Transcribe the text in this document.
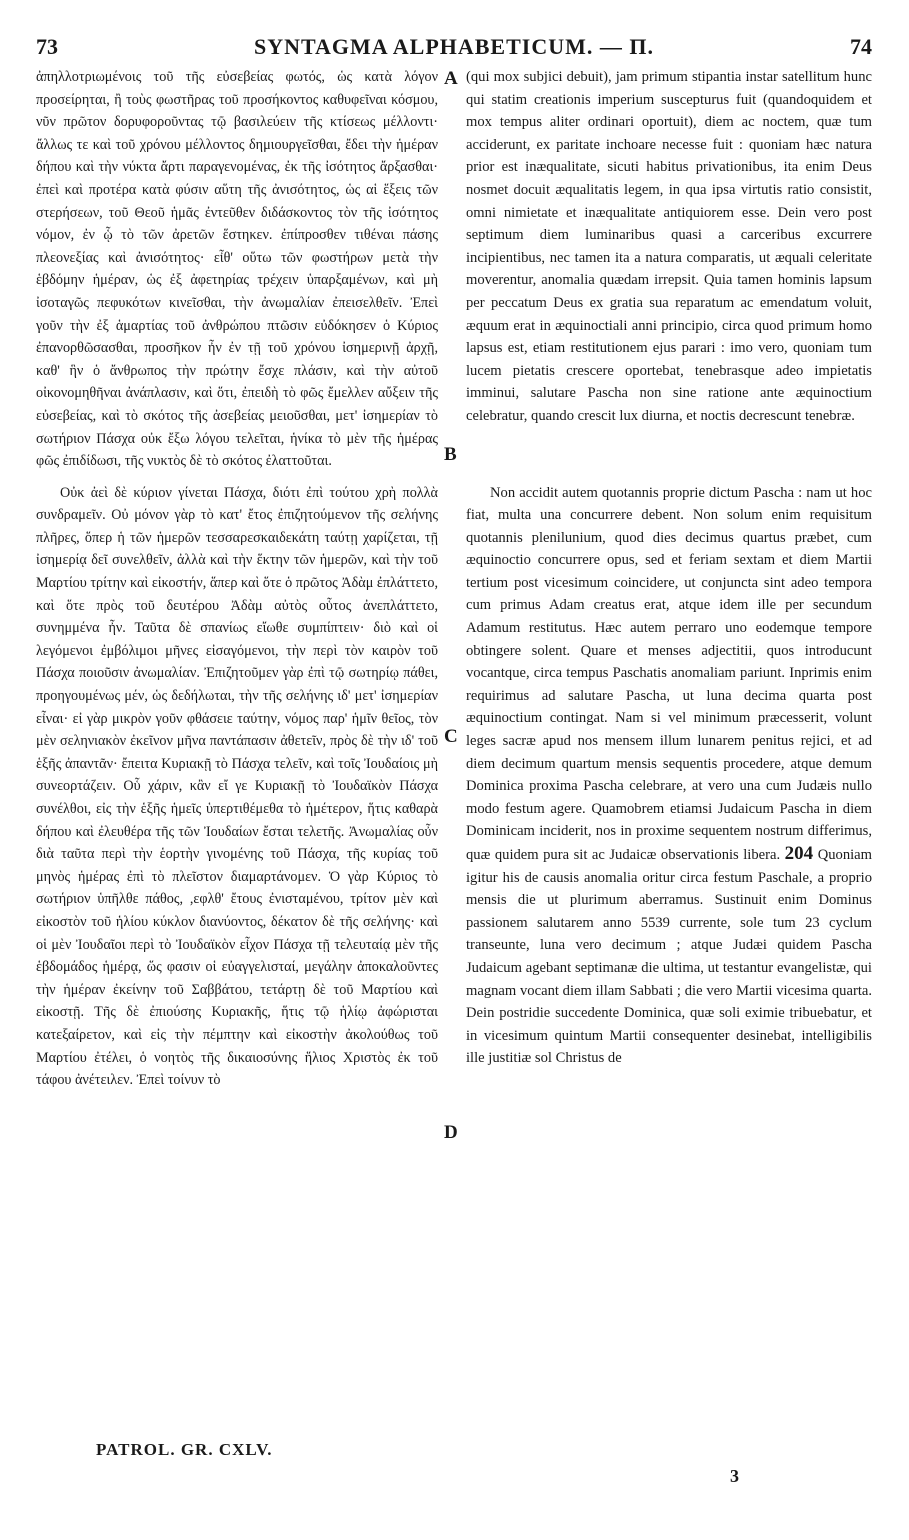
SYNTAGMA ALPHABETICUM. — Π.
73	74

ἀπηλλοτριωμένοις τοῦ τῆς εὐσεβείας φωτός, ὡς κατὰ λόγον προσείρηται, ἢ τοὺς φωστῆρας τοῦ προσήκοντος καθυφεῖναι κόσμου, νῦν πρῶτον δορυφοροῦντας τῷ βασιλεύειν τῆς κτίσεως μέλλοντι· ἄλλως τε καὶ τοῦ χρόνου μέλλοντος δημιουργεῖσθαι, ἔδει τὴν ἡμέραν δήπου καὶ τὴν νύκτα ἄρτι παραγενομένας, ἐκ τῆς ἰσότητος ἄρξασθαι· ἐπεὶ καὶ προτέρα κατὰ φύσιν αὕτη τῆς ἀνισότητος, ὡς αἱ ἕξεις τῶν στερήσεων, τοῦ Θεοῦ ἡμᾶς ἐντεῦθεν διδάσκοντος τὸν τῆς ἰσότητος νόμον, ἐν ᾧ τὸ τῶν ἀρετῶν ἕστηκεν. ἐπίπροσθεν τιθέναι πάσης πλεονεξίας καὶ ἀνισότητος· εἶθ' οὕτω τῶν φωστήρων μετὰ τὴν ἑβδόμην ἡμέραν, ὡς ἐξ ἀφετηρίας τρέχειν ὑπαρξαμένων, καὶ μὴ ἰσοταγῶς πεφυκότων κινεῖσθαι, τὴν ἀνωμαλίαν ἐπεισελθεῖν. Ἐπεὶ γοῦν τὴν ἐξ ἁμαρτίας τοῦ ἀνθρώπου πτῶσιν εὐδόκησεν ὁ Κύριος ἐπανορθῶσασθαι, προσῆκον ἦν ἐν τῇ τοῦ χρόνου ἰσημερινῇ ἀρχῇ, καθ' ἣν ὁ ἄνθρωπος τὴν πρώτην ἔσχε πλάσιν, καὶ τὴν αὐτοῦ οἰκονομηθῆναι ἀνάπλασιν, καὶ ὅτι, ἐπειδὴ τὸ φῶς ἔμελλεν αὔξειν τῆς εὐσεβείας, καὶ τὸ σκότος τῆς ἀσεβείας μειοῦσθαι, μετ' ἰσημερίαν τὸ σωτήριον Πάσχα οὐκ ἔξω λόγου τελεῖται, ἡνίκα τὸ μὲν τῆς ἡμέρας φῶς ἐπιδίδωσι, τῆς νυκτὸς δὲ τὸ σκότος ἐλαττοῦται.

Οὐκ ἀεὶ δὲ κύριον γίνεται Πάσχα, διότι ἐπὶ τούτου χρὴ πολλὰ συνδραμεῖν. Οὐ μόνον γὰρ τὸ κατ' ἔτος ἐπιζητούμενον τῆς σελήνης πλῆρες, ὅπερ ἡ τῶν ἡμερῶν τεσσαρεσκαιδεκάτη ταύτῃ χαρίζεται, τῇ ἰσημερίᾳ δεῖ συνελθεῖν, ἀλλὰ καὶ τὴν ἕκτην τῶν ἡμερῶν, καὶ τὴν τοῦ Μαρτίου τρίτην καὶ εἰκοστήν, ἅπερ καὶ ὅτε ὁ πρῶτος Ἀδὰμ ἐπλάττετο, καὶ ὅτε πρὸς τοῦ δευτέρου Ἀδὰμ αὐτὸς οὗτος ἀνεπλάττετο, συνημμένα ἦν. Ταῦτα δὲ σπανίως εἴωθε συμπίπτειν· διὸ καὶ οἱ λεγόμενοι ἐμβόλιμοι μῆνες εἰσαγόμενοι, τὴν περὶ τὸν καιρὸν τοῦ Πάσχα ποιοῦσιν ἀνωμαλίαν. Ἐπιζητοῦμεν γὰρ ἐπὶ τῷ σωτηρίῳ πάθει, προηγουμένως μέν, ὡς δεδήλωται, τὴν τῆς σελήνης ιδ' μετ' ἰσημερίαν εἶναι· εἰ γὰρ μικρὸν γοῦν φθάσειε ταύτην, νόμος παρ' ἡμῖν θεῖος, τὸν μὲν σεληνιακὸν ἐκεῖνον μῆνα παντάπασιν ἀθετεῖν, πρὸς δὲ τὴν ιδ' τοῦ ἑξῆς ἀπαντᾶν· ἔπειτα Κυριακῇ τὸ Πάσχα τελεῖν, καὶ τοῖς Ἰουδαίοις μὴ συνεορτάζειν. Οὗ χάριν, κἂν εἴ γε Κυριακῇ τὸ Ἰουδαϊκὸν Πάσχα συνέλθοι, εἰς τὴν ἑξῆς ἡμεῖς ὑπερτιθέμεθα τὸ ἡμέτερον, ἥτις καθαρὰ δήπου καὶ ἐλευθέρα τῆς τῶν Ἰουδαίων ἔσται τελετῆς. Ἀνωμαλίας οὖν διὰ ταῦτα περὶ τὴν ἑορτὴν γινομένης τοῦ Πάσχα, τῆς κυρίας τοῦ μηνὸς ἡμέρας ἐπὶ τὸ πλεῖστον διαμαρτάνομεν. Ὁ γὰρ Κύριος τὸ σωτήριον ὑπῆλθε πάθος, ,εφλθ' ἔτους ἐνισταμένου, τρίτον μὲν καὶ εἰκοστὸν τοῦ ἡλίου κύκλον διανύοντος, δέκατον δὲ τῆς σελήνης· καὶ οἱ μὲν Ἰουδαῖοι περὶ τὸ Ἰουδαϊκὸν εἶχον Πάσχα τῇ τελευταίᾳ μὲν τῆς ἑβδομάδος ἡμέρᾳ, ὥς φασιν οἱ εὐαγγελισταί, μεγάλην ἀποκαλοῦντες τὴν ἡμέραν ἐκείνην τοῦ Σαββάτου, τετάρτῃ δὲ τοῦ Μαρτίου καὶ εἰκοστῇ. Τῆς δὲ ἐπιούσης Κυριακῆς, ἥτις τῷ ἡλίῳ ἀφώρισται κατεξαίρετον, καὶ εἰς τὴν πέμπτην καὶ εἰκοστὴν ἀκολούθως τοῦ Μαρτίου ἐτέλει, ὁ νοητὸς τῆς δικαιοσύνης ἥλιος Χριστὸς ἐκ τοῦ τάφου ἀνέτειλεν. Ἐπεὶ τοίνυν τὸ

A
B
C
D

(qui mox subjici debuit), jam primum stipantia instar satellitum hunc qui statim creationis imperium suscepturus fuit (quandoquidem et mox tempus aliter ordinari oportuit), diem ac noctem, quæ tum acciderunt, ex paritate inchoare necesse fuit : quoniam hæc natura prior est inæqualitate, sicuti habitus privationibus, ita enim Deus nosmet docuit æqualitatis legem, in qua ipsa virtutis ratio consistit, omni nimietate et inæqualitate antiquiorem esse. Dein vero post septimum diem luminaribus quasi a carceribus excurrere incipientibus, nec tamen ita a natura comparatis, ut æquali celeritate moverentur, anomalia quædam irrepsit. Quia tamen hominis lapsum per peccatum Deus ex gratia sua reparatum ac emendatum voluit, æquum erat in æquinoctiali anni principio, circa quod primum homo lapsus est, etiam restitutionem ejus parari : imo vero, quoniam tum lucem pietatis crescere oportebat, tenebrasque adeo impietatis imminui, salutare Pascha non sine ratione ante æquinoctium celebratur, quando crescit lux diurna, et noctis decrescunt tenebræ.

Non accidit autem quotannis proprie dictum Pascha : nam ut hoc fiat, multa una concurrere debent. Non solum enim requisitum quotannis plenilunium, quod dies decimus quartus præbet, cum æquinoctio concurrere opus, sed et feriam sextam et diem Martii tertium post vicesimum coincidere, ut conjuncta sint adeo tempora cum primus Adam creatus erat, atque idem ille per secundum Adamum restitutus. Hæc autem perraro uno eodemque tempore obtingere solent. Quare et menses adjectitii, quos introducunt vocantque, circa tempus Paschatis anomaliam pariunt. Inprimis enim requirimus ad salutare Pascha, ut luna decima quarta post æquinoctium contingat. Nam si vel minimum præcesserit, volunt leges sacræ apud nos mensem illum lunarem penitus rejici, et ad diem decimum quartum mensis sequentis procedere, atque demum Dominica proxima Pascha celebrare, at vero una cum Judæis nullo modo festum agere. Quamobrem etiamsi Judaicum Pascha in diem Dominicam inciderit, nos in proxime sequentem nostrum differimus, quæ quidem pura sit ac Judaicæ observationis libera. 204 Quoniam igitur his de causis anomalia oritur circa festum Paschale, a proprio mensis die ut plurimum aberramus. Sustinuit enim Dominus passionem salutarem anno 5539 currente, sole tum 23 cyclum transeunte, luna vero decimum ; atque Judæi quidem Pascha Judaicum agebant septimanæ die ultima, ut testantur evangelistæ, qui magnam vocant diem illam Sabbati ; die vero Martii vicesima quarta. Dein postridie succedente Dominica, quæ soli eximie tribuebatur, et in vicesimum quintum Martii consequenter desinebat, intelligibilis ille justitiæ sol Christus de

PATROL. GR. CXLV.
3
